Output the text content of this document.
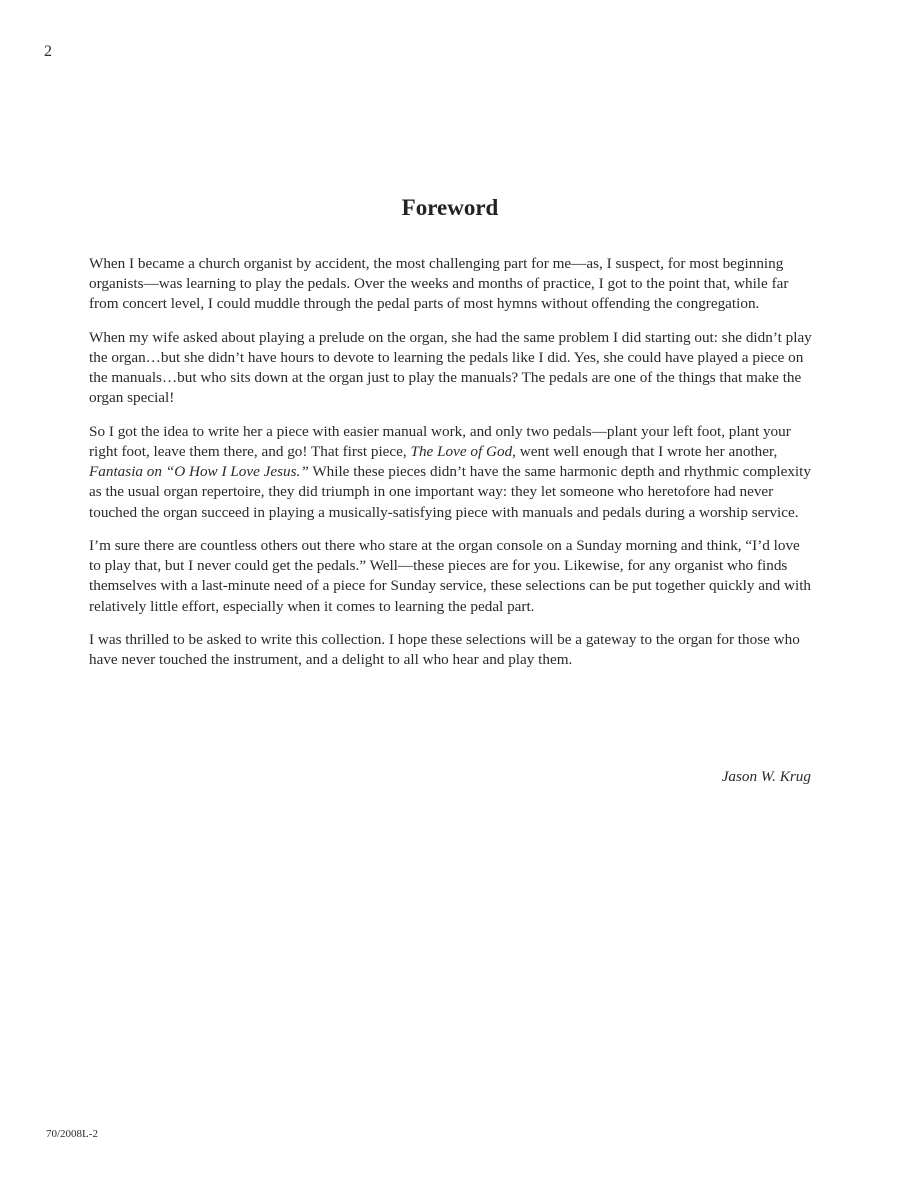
2
Foreword

When I became a church organist by accident, the most challenging part for me—as, I suspect, for most beginning organists—was learning to play the pedals. Over the weeks and months of practice, I got to the point that, while far from concert level, I could muddle through the pedal parts of most hymns without offending the congregation.

When my wife asked about playing a prelude on the organ, she had the same problem I did starting out: she didn’t play the organ…but she didn’t have hours to devote to learning the pedals like I did. Yes, she could have played a piece on the manuals…but who sits down at the organ just to play the manuals? The pedals are one of the things that make the organ special!

So I got the idea to write her a piece with easier manual work, and only two pedals—plant your left foot, plant your right foot, leave them there, and go! That first piece, The Love of God, went well enough that I wrote her another, Fantasia on “O How I Love Jesus.” While these pieces didn’t have the same harmonic depth and rhythmic complexity as the usual organ repertoire, they did triumph in one important way: they let someone who heretofore had never touched the organ succeed in playing a musically-satisfying piece with manuals and pedals during a worship service.

I’m sure there are countless others out there who stare at the organ console on a Sunday morning and think, “I’d love to play that, but I never could get the pedals.” Well—these pieces are for you. Likewise, for any organist who finds themselves with a last-minute need of a piece for Sunday service, these selections can be put together quickly and with relatively little effort, especially when it comes to learning the pedal part.

I was thrilled to be asked to write this collection. I hope these selections will be a gateway to the organ for those who have never touched the instrument, and a delight to all who hear and play them.

Jason W. Krug
70/2008L-2
